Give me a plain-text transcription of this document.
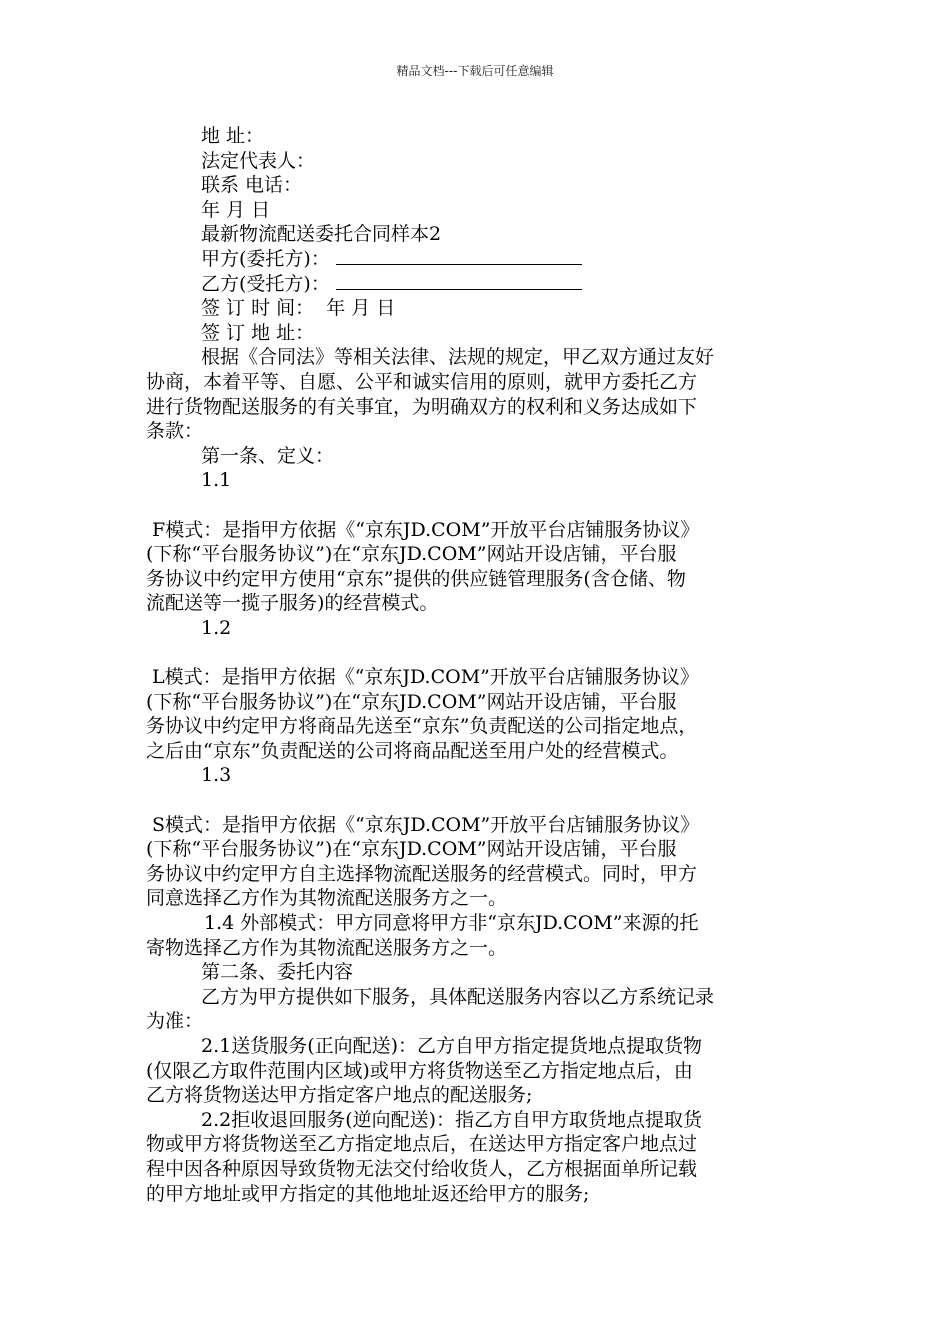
精品文档---下载后可任意编辑
地 址：
法定代表人：
联系 电话：
年 月 日
最新物流配送委托合同样本2
甲方(委托方)：
乙方(受托方)：
签 订 时 间：  年 月 日
签 订 地 址：
根据《合同法》等相关法律、法规的规定，甲乙双方通过友好
协商，本着平等、自愿、公平和诚实信用的原则，就甲方委托乙方
进行货物配送服务的有关事宜，为明确双方的权利和义务达成如下
条款：
第一条、定义：
1.1
F模式：是指甲方依据《“京东JD.COM”开放平台店铺服务协议》
(下称“平台服务协议”)在“京东JD.COM”网站开设店铺，平台服
务协议中约定甲方使用“京东”提供的供应链管理服务(含仓储、物
流配送等一揽子服务)的经营模式。
1.2
L模式：是指甲方依据《“京东JD.COM”开放平台店铺服务协议》
(下称“平台服务协议”)在“京东JD.COM”网站开设店铺，平台服
务协议中约定甲方将商品先送至“京东”负责配送的公司指定地点，
之后由“京东”负责配送的公司将商品配送至用户处的经营模式。
1.3
S模式：是指甲方依据《“京东JD.COM”开放平台店铺服务协议》
(下称“平台服务协议”)在“京东JD.COM”网站开设店铺，平台服
务协议中约定甲方自主选择物流配送服务的经营模式。同时，甲方
同意选择乙方作为其物流配送服务方之一。
1.4 外部模式：甲方同意将甲方非“京东JD.COM”来源的托
寄物选择乙方作为其物流配送服务方之一。
第二条、委托内容
乙方为甲方提供如下服务，具体配送服务内容以乙方系统记录
为准：
2.1送货服务(正向配送)：乙方自甲方指定提货地点提取货物
(仅限乙方取件范围内区域)或甲方将货物送至乙方指定地点后，由
乙方将货物送达甲方指定客户地点的配送服务;
2.2拒收退回服务(逆向配送)：指乙方自甲方取货地点提取货
物或甲方将货物送至乙方指定地点后，在送达甲方指定客户地点过
程中因各种原因导致货物无法交付给收货人，乙方根据面单所记载
的甲方地址或甲方指定的其他地址返还给甲方的服务;
